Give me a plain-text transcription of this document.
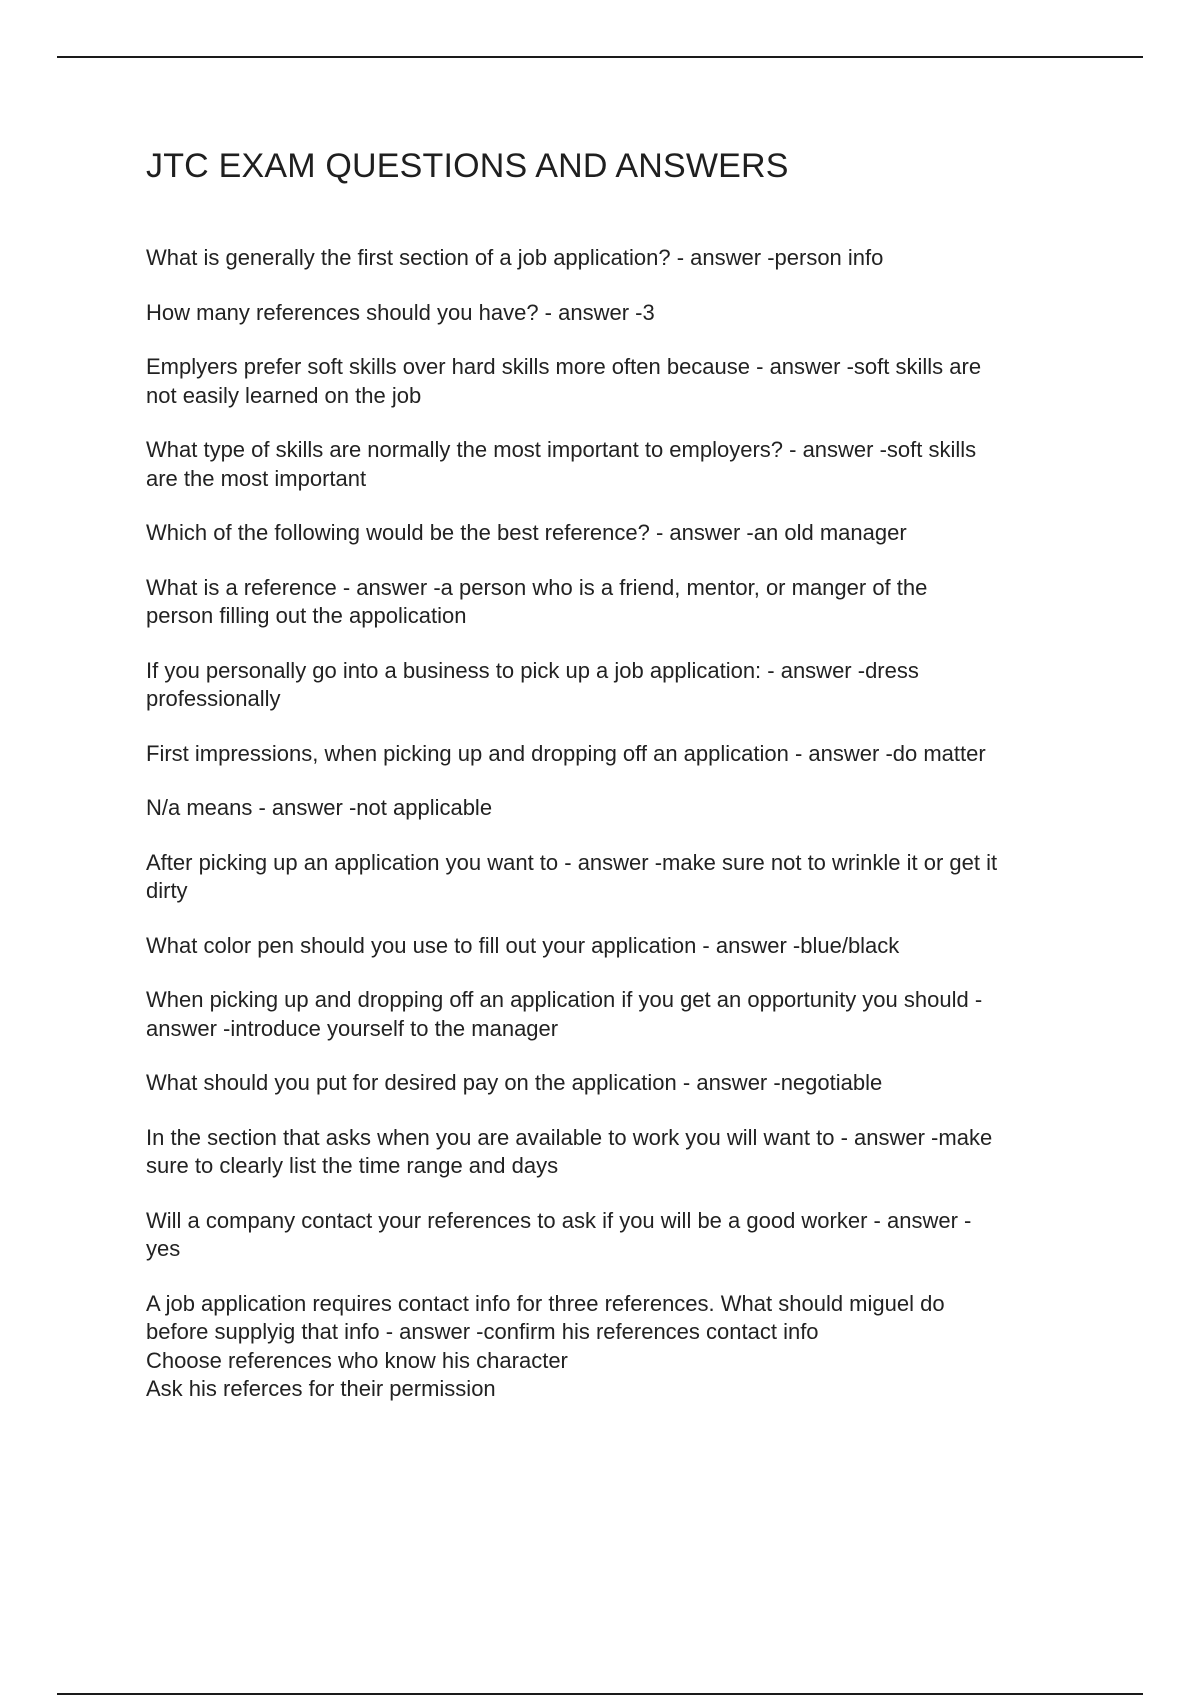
JTC EXAM QUESTIONS AND ANSWERS

What is generally the first section of a job application? - answer -person info

How many references should you have? - answer -3

Emplyers prefer soft skills over hard skills more often because - answer -soft skills are
not easily learned on the job

What type of skills are normally the most important to employers? - answer -soft skills
are the most important

Which of the following would be the best reference? - answer -an old manager

What is a reference - answer -a person who is a friend, mentor, or manger of the
person filling out the appolication

If you personally go into a business to pick up a job application: - answer -dress
professionally

First impressions, when picking up and dropping off an application - answer -do matter

N/a means - answer -not applicable

After picking up an application you want to - answer -make sure not to wrinkle it or get it
dirty

What color pen should you use to fill out your application - answer -blue/black

When picking up and dropping off an application if you get an opportunity you should -
answer -introduce yourself to the manager

What should you put for desired pay on the application - answer -negotiable

In the section that asks when you are available to work you will want to - answer -make
sure to clearly list the time range and days

Will a company contact your references to ask if you will be a good worker - answer -
yes

A job application requires contact info for three references. What should miguel do
before supplyig that info - answer -confirm his references contact info
Choose references who know his character
Ask his referces for their permission
